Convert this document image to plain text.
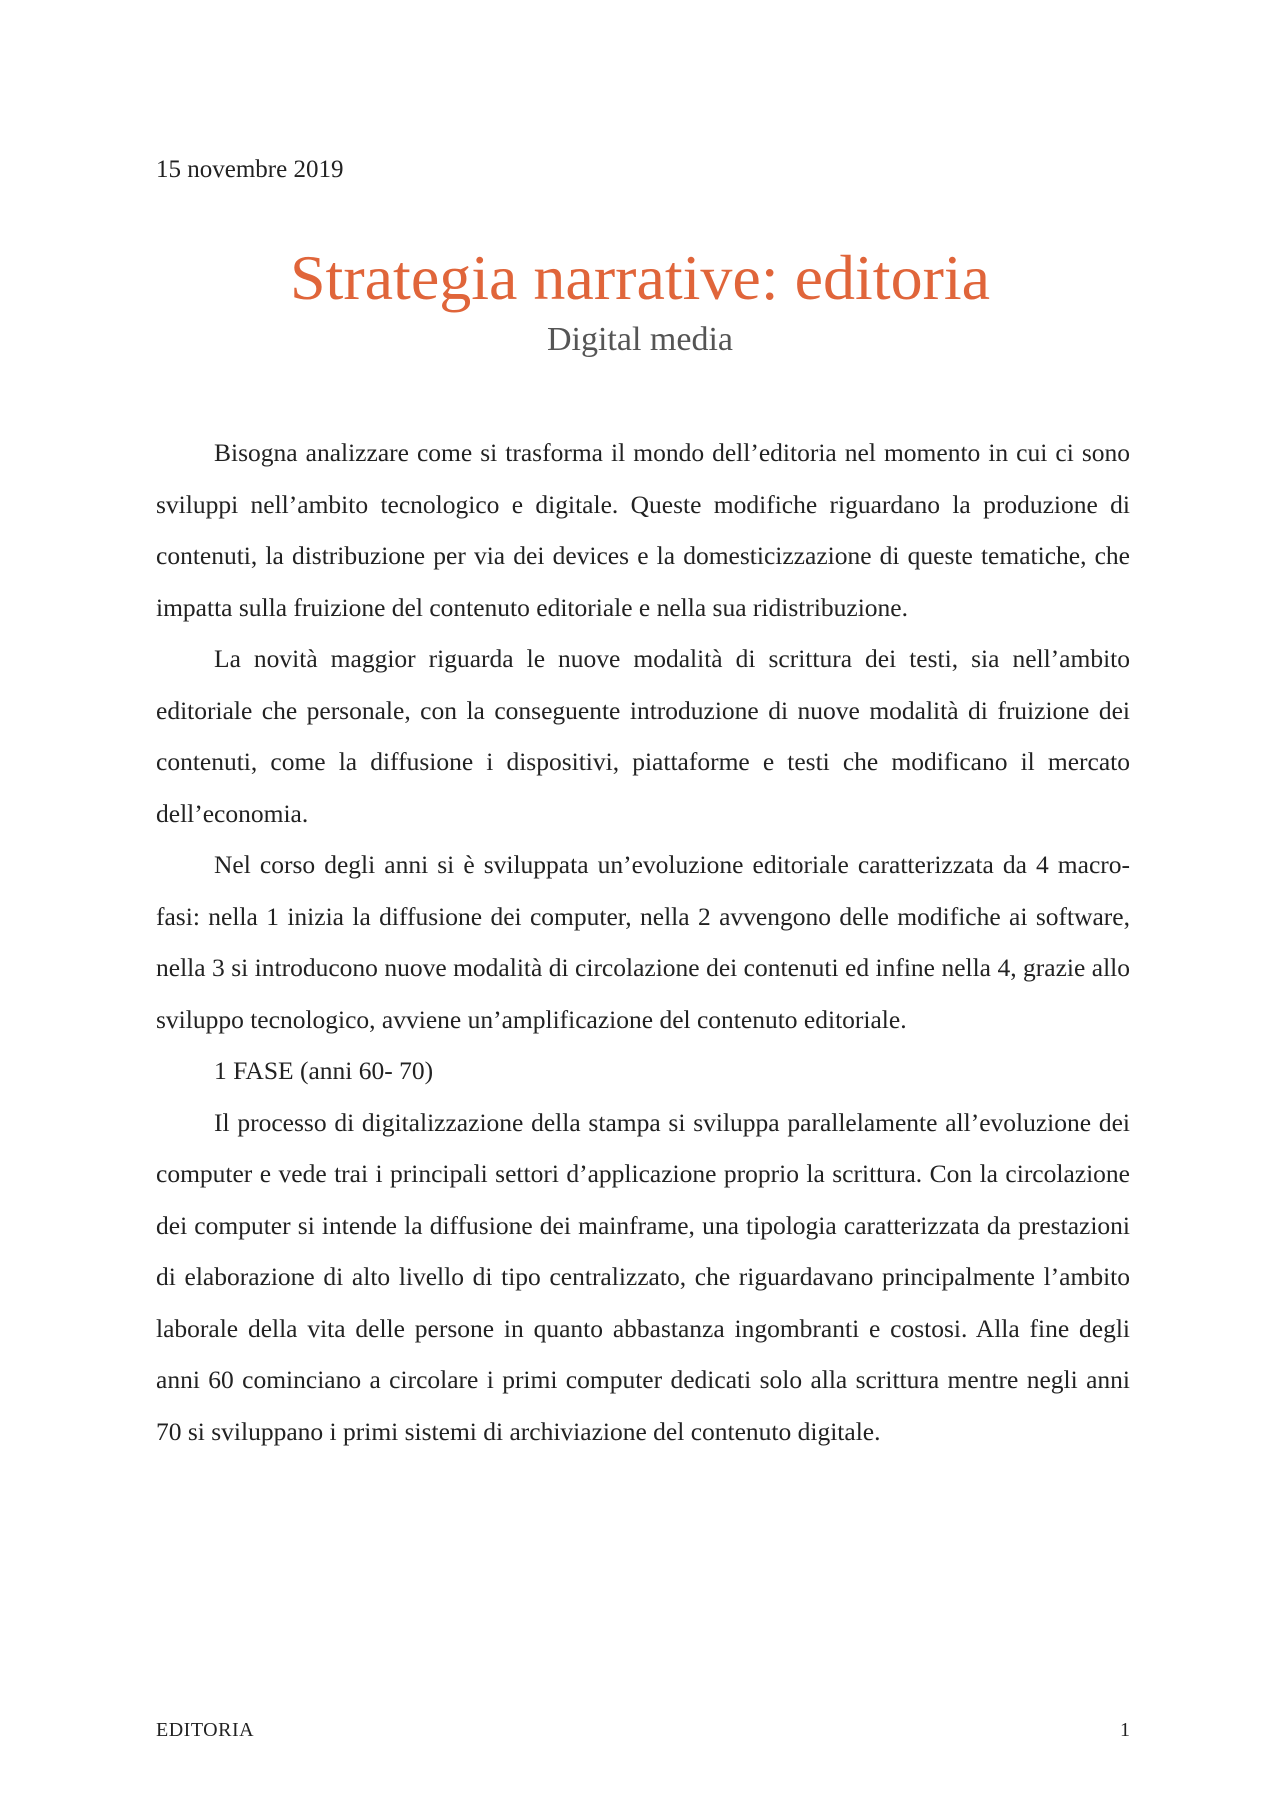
15 novembre 2019
Strategia narrative: editoria
Digital media

Bisogna analizzare come si trasforma il mondo dell’editoria nel momento in cui ci sono sviluppi nell’ambito tecnologico e digitale. Queste modifiche riguardano la produzione di contenuti, la distribuzione per via dei devices e la domesticizzazione di queste tematiche, che impatta sulla fruizione del contenuto editoriale e nella sua ridistribuzione.

La novità maggior riguarda le nuove modalità di scrittura dei testi, sia nell’ambito editoriale che personale, con la conseguente introduzione di nuove modalità di fruizione dei contenuti, come la diffusione i dispositivi, piattaforme e testi che modificano il mercato dell’economia.

Nel corso degli anni si è sviluppata un’evoluzione editoriale caratterizzata da 4 macro-fasi: nella 1 inizia la diffusione dei computer, nella 2 avvengono delle modifiche ai software, nella 3 si introducono nuove modalità di circolazione dei contenuti ed infine nella 4, grazie allo sviluppo tecnologico, avviene un’amplificazione del contenuto editoriale.

1 FASE (anni 60- 70)

Il processo di digitalizzazione della stampa si sviluppa parallelamente all’evoluzione dei computer e vede trai i principali settori d’applicazione proprio la scrittura. Con la circolazione dei computer si intende la diffusione dei mainframe, una tipologia caratterizzata da prestazioni di elaborazione di alto livello di tipo centralizzato, che riguardavano principalmente l’ambito laborale della vita delle persone in quanto abbastanza ingombranti e costosi. Alla fine degli anni 60 cominciano a circolare i primi computer dedicati solo alla scrittura mentre negli anni 70 si sviluppano i primi sistemi di archiviazione del contenuto digitale.

EDITORIA	1
